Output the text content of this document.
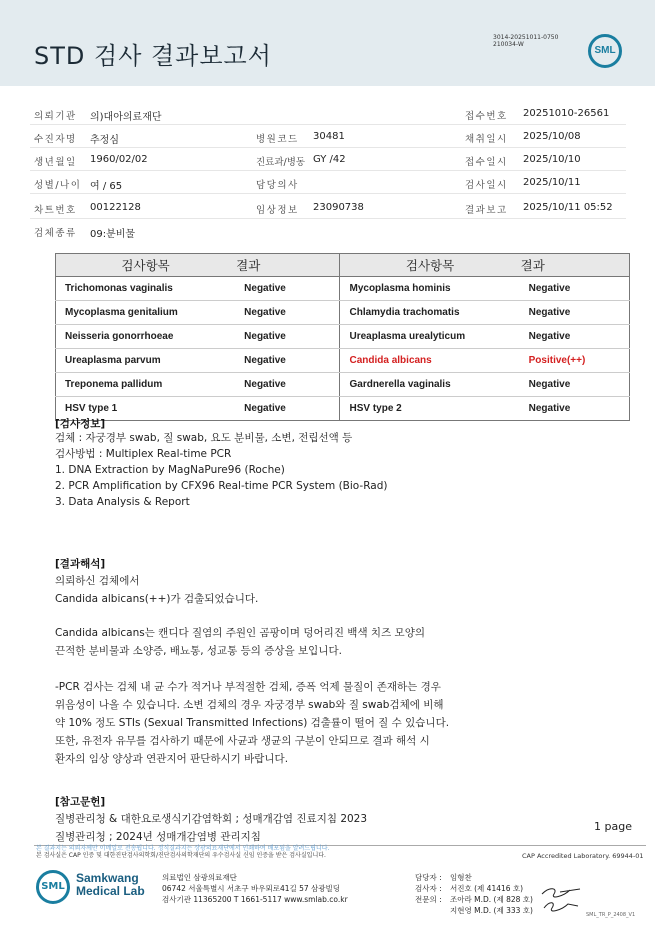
STD 검사 결과보고서
3014-20251011-0750
210034-W
SML
의뢰기관 의)대아의료재단	접수번호 20251010-26561
수진자명 추정심	병원코드 30481	채취일시 2025/10/08
생년월일 1960/02/02	진료과/병동 GY /42	접수일시 2025/10/10
성별/나이 여 / 65	담당의사	검사일시 2025/10/11
차트번호 00122128	임상정보 23090738	결과보고 2025/10/11 05:52
검체종류 09:분비물
검사항목	결과	검사항목	결과
Trichomonas vaginalis	Negative	Mycoplasma hominis	Negative
Mycoplasma genitalium	Negative	Chlamydia trachomatis	Negative
Neisseria gonorrhoeae	Negative	Ureaplasma urealyticum	Negative
Ureaplasma parvum	Negative	Candida albicans	Positive(++)
Treponema pallidum	Negative	Gardnerella vaginalis	Negative
HSV type 1	Negative	HSV type 2	Negative
[검사정보]
검체 : 자궁경부 swab, 질 swab, 요도 분비물, 소변, 전립선액 등
검사방법 : Multiplex Real-time PCR
1. DNA Extraction by MagNaPure96 (Roche)
2. PCR Amplification by CFX96 Real-time PCR System (Bio-Rad)
3. Data Analysis & Report
[결과해석]
의뢰하신 검체에서
Candida albicans(++)가 검출되었습니다.
Candida albicans는 캔디다 질염의 주원인 곰팡이며 덩어리진 백색 치즈 모양의
끈적한 분비물과 소양증, 배뇨통, 성교통 등의 증상을 보입니다.
-PCR 검사는 검체 내 균 수가 적거나 부적절한 검체, 증폭 억제 물질이 존재하는 경우
위음성이 나올 수 있습니다. 소변 검체의 경우 자궁경부 swab와 질 swab검체에 비해
약 10% 정도 STIs (Sexual Transmitted Infections) 검출률이 떨어 질 수 있습니다.
또한, 유전자 유무를 검사하기 때문에 사균과 생균의 구분이 안되므로 결과 해석 시
환자의 임상 양상과 연관지어 판단하시기 바랍니다.
[참고문헌]
질병관리청 & 대한요로생식기감염학회 ; 성매개감염 진료지침 2023
질병관리청 ; 2024년 성매개감염병 관리지침
1 page
본 결과지는 의뢰자께만 이메일로 전송됩니다. 정식결과지는 상광의료재단에서 인쇄하여 배포됨을 알려드립니다.
본 검사실은 CAP 인증 및 대한진단검사의학회/진단검사의학재단의 우수검사실 신임 인증을 받은 검사실입니다.	CAP Accredited Laboratory. 69944-01
SML
Samkwang
Medical Lab
의료법인 삼광의료재단
06742 서울특별시 서초구 바우뫼로41길 57 삼광빌딩
검사기관 11365200 T 1661-5117 www.smlab.co.kr
담당자 :	임형찬
검사자 :	서진호 (제 41416 호)
전문의 :	조아라 M.D. (제 828 호)
지현영 M.D. (제 333 호)	SML_TR_P_2408_V1
